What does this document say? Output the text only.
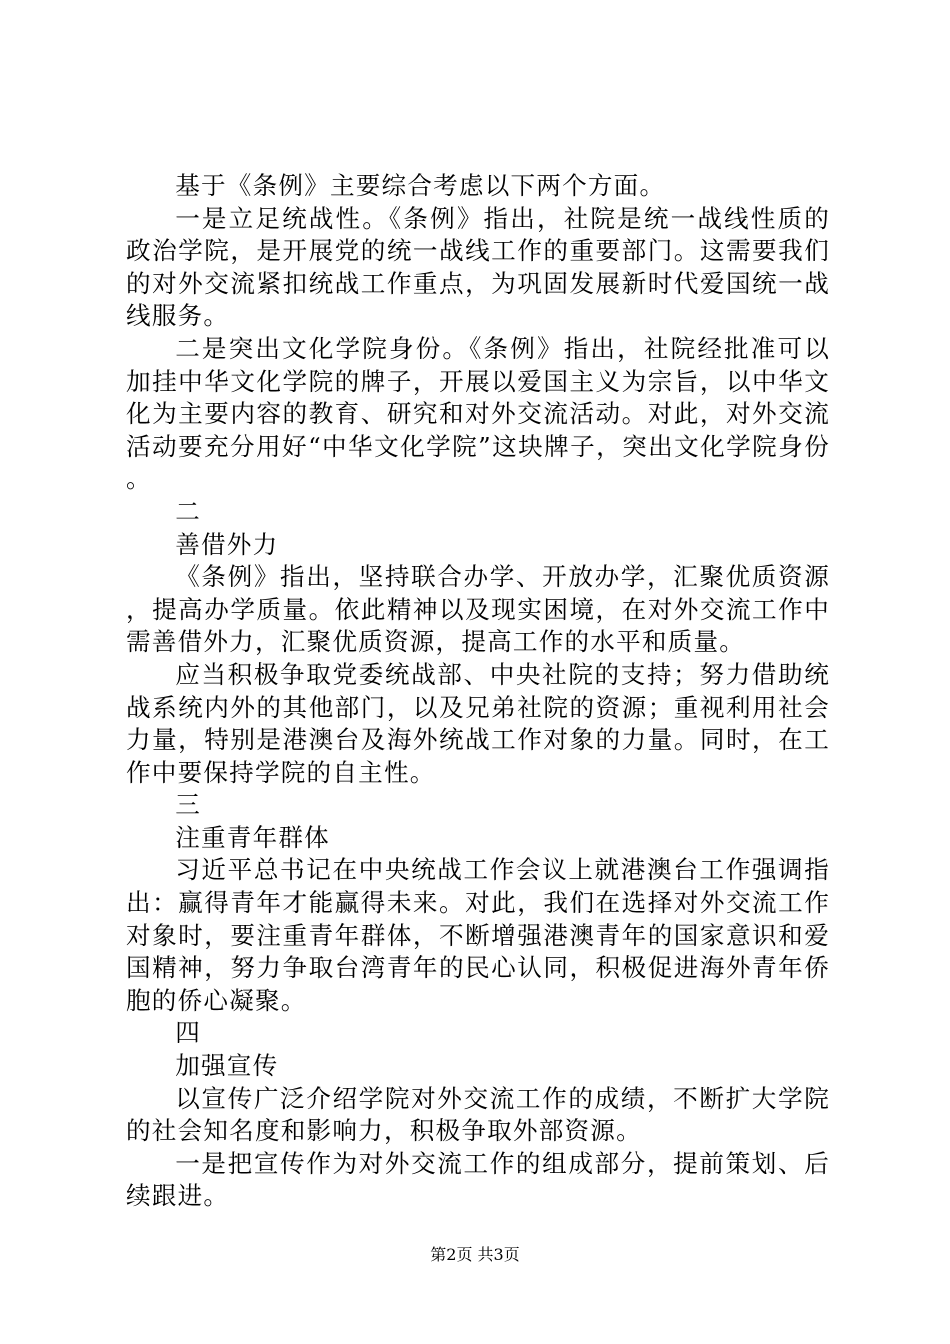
基于《条例》主要综合考虑以下两个方面。

一是立足统战性。《条例》指出，社院是统一战线性质的政治学院，是开展党的统一战线工作的重要部门。这需要我们的对外交流紧扣统战工作重点，为巩固发展新时代爱国统一战线服务。

二是突出文化学院身份。《条例》指出，社院经批准可以加挂中华文化学院的牌子，开展以爱国主义为宗旨，以中华文化为主要内容的教育、研究和对外交流活动。对此，对外交流活动要充分用好“中华文化学院”这块牌子，突出文化学院身份。

二

善借外力

《条例》指出，坚持联合办学、开放办学，汇聚优质资源，提高办学质量。依此精神以及现实困境，在对外交流工作中需善借外力，汇聚优质资源，提高工作的水平和质量。

应当积极争取党委统战部、中央社院的支持；努力借助统战系统内外的其他部门，以及兄弟社院的资源；重视利用社会力量，特别是港澳台及海外统战工作对象的力量。同时，在工作中要保持学院的自主性。

三

注重青年群体

习近平总书记在中央统战工作会议上就港澳台工作强调指出：赢得青年才能赢得未来。对此，我们在选择对外交流工作对象时，要注重青年群体，不断增强港澳青年的国家意识和爱国精神，努力争取台湾青年的民心认同，积极促进海外青年侨胞的侨心凝聚。

四

加强宣传

以宣传广泛介绍学院对外交流工作的成绩，不断扩大学院的社会知名度和影响力，积极争取外部资源。

一是把宣传作为对外交流工作的组成部分，提前策划、后续跟进。

第2页 共3页
